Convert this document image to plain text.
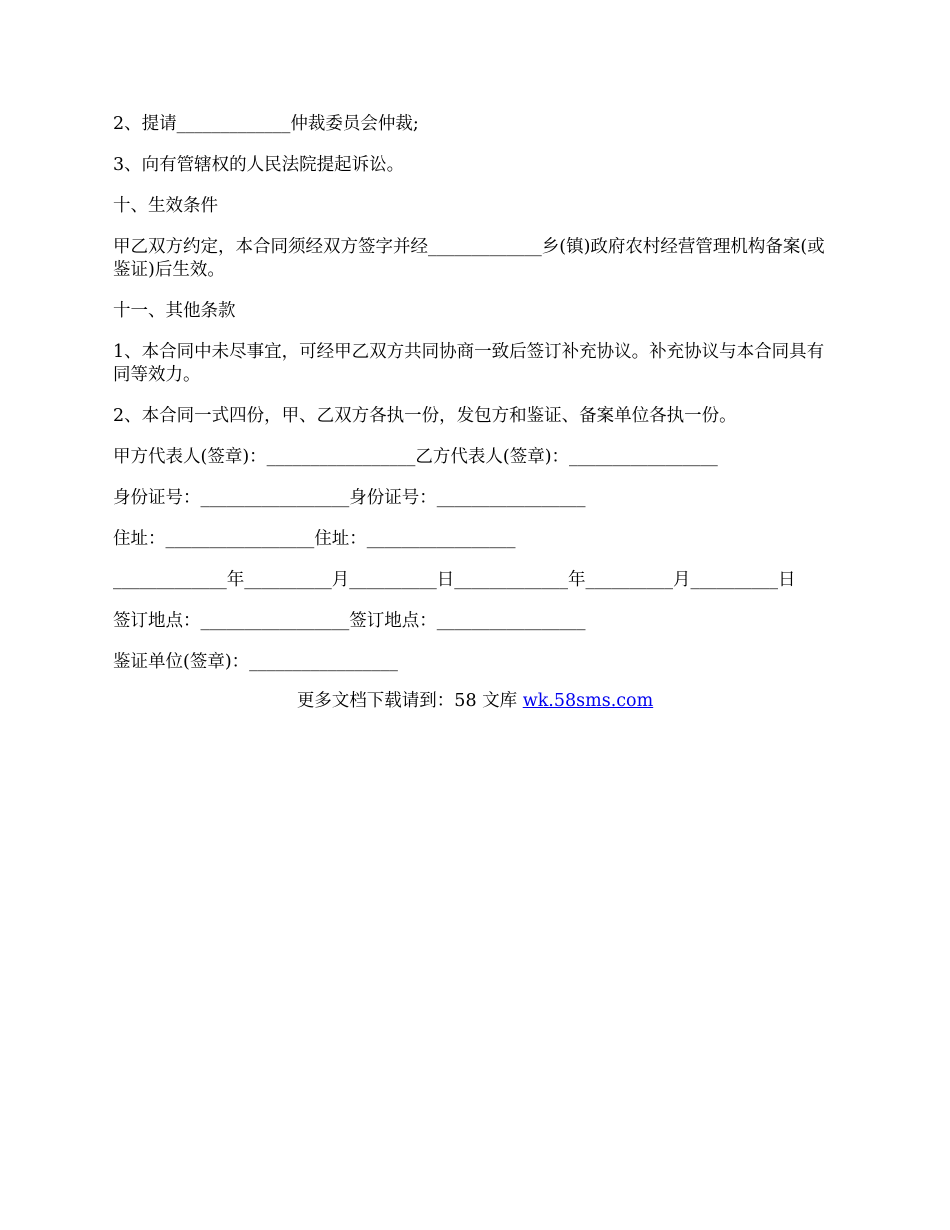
2、提请_____________仲裁委员会仲裁;

3、向有管辖权的人民法院提起诉讼。

十、生效条件

甲乙双方约定，本合同须经双方签字并经_____________乡(镇)政府农村经营管理机构备案(或鉴证)后生效。

十一、其他条款

1、本合同中未尽事宜，可经甲乙双方共同协商一致后签订补充协议。补充协议与本合同具有同等效力。

2、本合同一式四份，甲、乙双方各执一份，发包方和鉴证、备案单位各执一份。

甲方代表人(签章)：_________________乙方代表人(签章)：_________________

身份证号：_________________身份证号：_________________

住址：_________________住址：_________________

_____________年__________月__________日_____________年__________月__________日

签订地点：_________________签订地点：_________________

鉴证单位(签章)：_________________

更多文档下载请到：58 文库 wk.58sms.com
